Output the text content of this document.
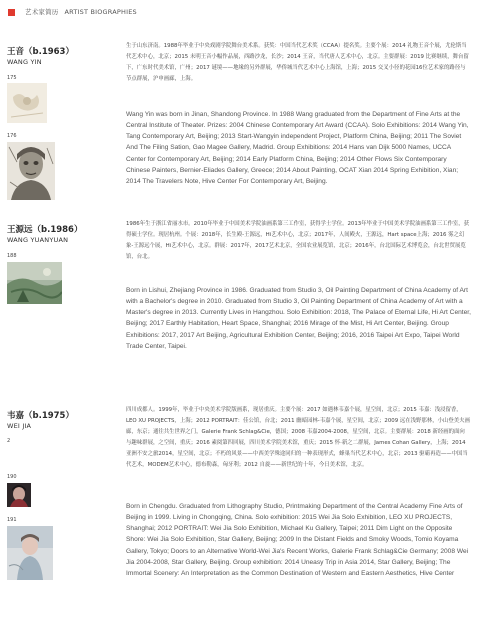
艺术家简历 ARTIST BIOGRAPHIES
王音（b.1963）
WANG YIN
175
176
生于山东济南。1988年毕业于中央戏剧学院舞台美术系。获奖：中国当代艺术奖（CCAA）提名奖。主要个展：2014 礼物王音个展，尤伦斯当代艺术中心，北京；2015 未明王音小幅作品展，西路沙龙，长沙；2014 王音，当代唐人艺术中心，北京。主要群展：2019 比赛继续，舞台留下，广东时代美术馆，广州；2017 谜境——地缘的另外群展，华侨城当代艺术中心上海馆，上海；2015 交叉小径的花园16位艺术家的路径与节点群展，沪申画廊，上海。
Wang Yin was born in Jinan, Shandong Province. In 1988 Wang graduated from the Department of Fine Arts at the Central Institute of Theater. Prizes: 2004 Chinese Contemporary Art Award (CCAA). Solo Exhibitions: 2014 Wang Yin, Tang Contemporary Art, Beijing; 2013 Start-Wangyin independent Project, Platform China, Beijing; 2011 The Soviet And The Filing Sation, Gao Magee Gallery, Madrid. Group Exhibitions: 2014 Hans van Dijk 5000 Names, UCCA Center for Contemporary Art, Beijing; 2014 Early Platform China, Beijing; 2014 Other Flows Six Contemporary Chinese Painters, Bernier-Eliades Gallery, Greece; 2014 About Painting, OCAT Xian 2014 Spring Exhibition, Xian; 2014 The Travelers Note, Hive Center For Contemporary Art, Beijing.
王源远（b.1986）
WANG YUANYUAN
188
1986年生于浙江省丽水市。2010年毕业于中国美术学院油画系第三工作室，获得学士学位。2013年毕业于中国美术学院油画系第三工作室，获得硕士学位。现居杭州。个展：2018年，长生殿-王源远，Hi艺术中心，北京；2017年，人间殿火，王源远，Hart space上海；2016 雾之幻象-王源远个展，Hi艺术中心，北京。群展：2017年，2017艺术北京，全国农业展览馆，北京；2016年，台北国际艺术博览会，台北世贸展览馆，台北。
Born in Lishui, Zhejiang Province in 1986. Graduated from Studio 3, Oil Painting Department of China Academy of Art with a Bachelor's degree in 2010. Graduated from Studio 3, Oil Painting Department of China Academy of Art with a Master's degree in 2013. Currently Lives in Hangzhou. Solo Exhibition: 2018, The Palace of Eternal Life, Hi Art Center, Beijing; 2017 Earthly Habitation, Heart Space, Shanghai; 2016 Mirage of the Mist, Hi Art Center, Beijing. Group Exhibitions: 2017, 2017 Art Beijing, Agricultural Exhibition Center, Beijing; 2016, 2016 Taipei Art Expo, Taipei World Trade Center, Taipei.
韦嘉（b.1975）
WEI JIA
2
190
191
四川成都人。1999年，毕业于中央美术学院版画系，现居重庆。主要个展：2017 如遇林韦嘉个展，星空间，北京；2015 韦嘉：浅浸留香，LEO XU PROJECTS，上海；2012 PORTRAIT：佳公馆，台北；2011 幽暗园林-韦嘉个展，星空间，北京；2009 远在浅野那林，小山登美夫画廊，东京；通往共生世界之门，Galerie Frank Schlag&Cie，德国；2008 韦嘉2004-2008，星空间，北京。主要群展：2018 新经画的面向与趣味群展，之空间，重庆；2016 素阅第四回展，四川美术学院美术馆，重庆；2015 怀·新之二群展，James Cohan Gallery，上海；2014 亚洲不安之旅2014，星空间，北京；不朽的风景——中西美学殊途同归的一种表现形式，蜂巢当代艺术中心，北京；2013 驱霸再造——中国当代艺术，MODEM艺术中心，德布勒森，匈牙利；2012 自旋——新世纪的十年，今日美术馆，北京。
Born in Chengdu. Graduated from Lithography Studio, Printmaking Department of the Central Academy Fine Arts of Beijing in 1999. Living in Chongqing, China. Solo exhibition: 2015 Wei Jia Solo Exhibition, LEO XU PROJECTS, Shanghai; 2012 PORTRAIT: Wei Jia Solo Exhibition, Michael Ku Gallery, Taipei; 2011 Dim Light on the Opposite Shore: Wei Jia Solo Exhibition, Star Gallery, Beijing; 2009 In the Distant Fields and Smoky Woods, Tomio Koyama Gallery, Tokyo; Doors to an Alternative World-Wei Jia's Recent Works, Galerie Frank Schlag&Cie Germany; 2008 Wei Jia 2004-2008, Star Gallery, Beijing. Group exhibition: 2014 Uneasy Trip in Asia 2014, Star Gallery, Beijing; The Immortal Scenery: An Interpretation as the Common Destination of Western and Eastern Aesthetics, Hive Center
